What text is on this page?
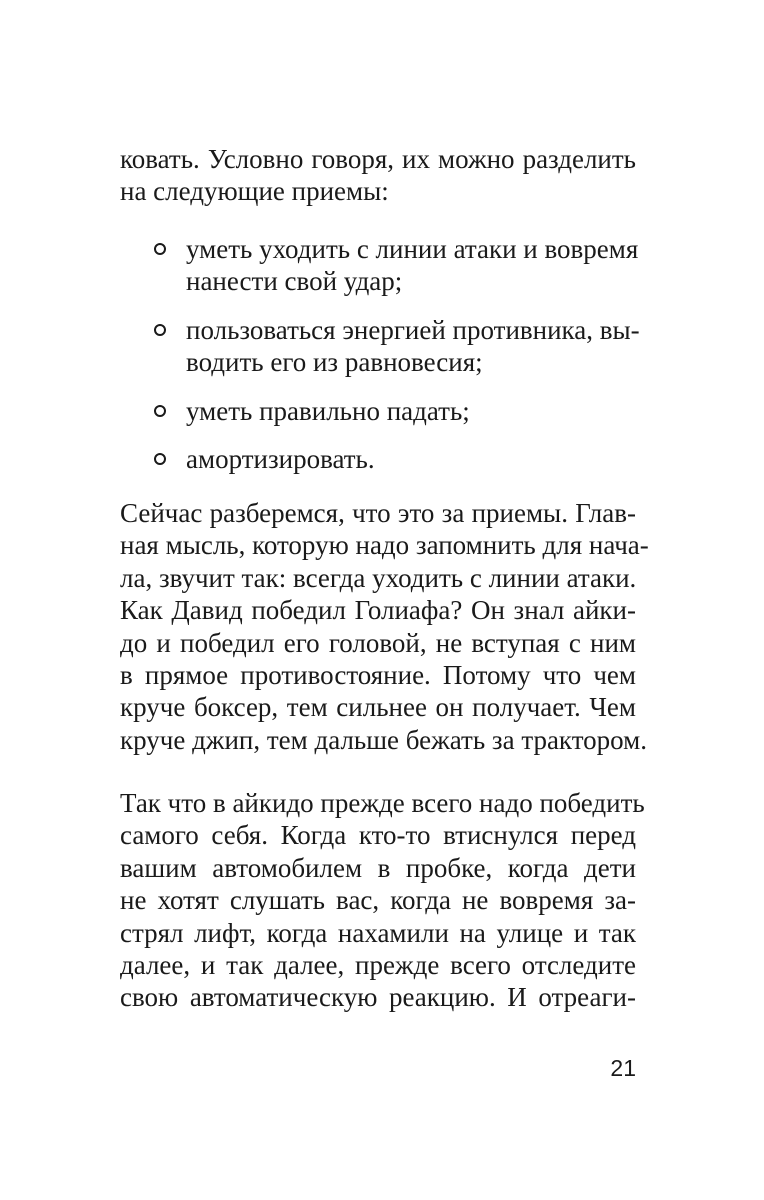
ковать. Условно говоря, их можно разделить
на следующие приемы:
уметь уходить с линии атаки и вовремя
нанести свой удар;
пользоваться энергией противника, вы-
водить его из равновесия;
уметь правильно падать;
амортизировать.
Сейчас разберемся, что это за приемы. Глав-
ная мысль, которую надо запомнить для нача-
ла, звучит так: всегда уходить с линии атаки.
Как Давид победил Голиафа? Он знал айки-
до и победил его головой, не вступая с ним
в прямое противостояние. Потому что чем
круче боксер, тем сильнее он получает. Чем
круче джип, тем дальше бежать за трактором.
Так что в айкидо прежде всего надо победить
самого себя. Когда кто-то втиснулся перед
вашим автомобилем в пробке, когда дети
не хотят слушать вас, когда не вовремя за-
стрял лифт, когда нахамили на улице и так
далее, и так далее, прежде всего отследите
свою автоматическую реакцию. И отреаги-
21
